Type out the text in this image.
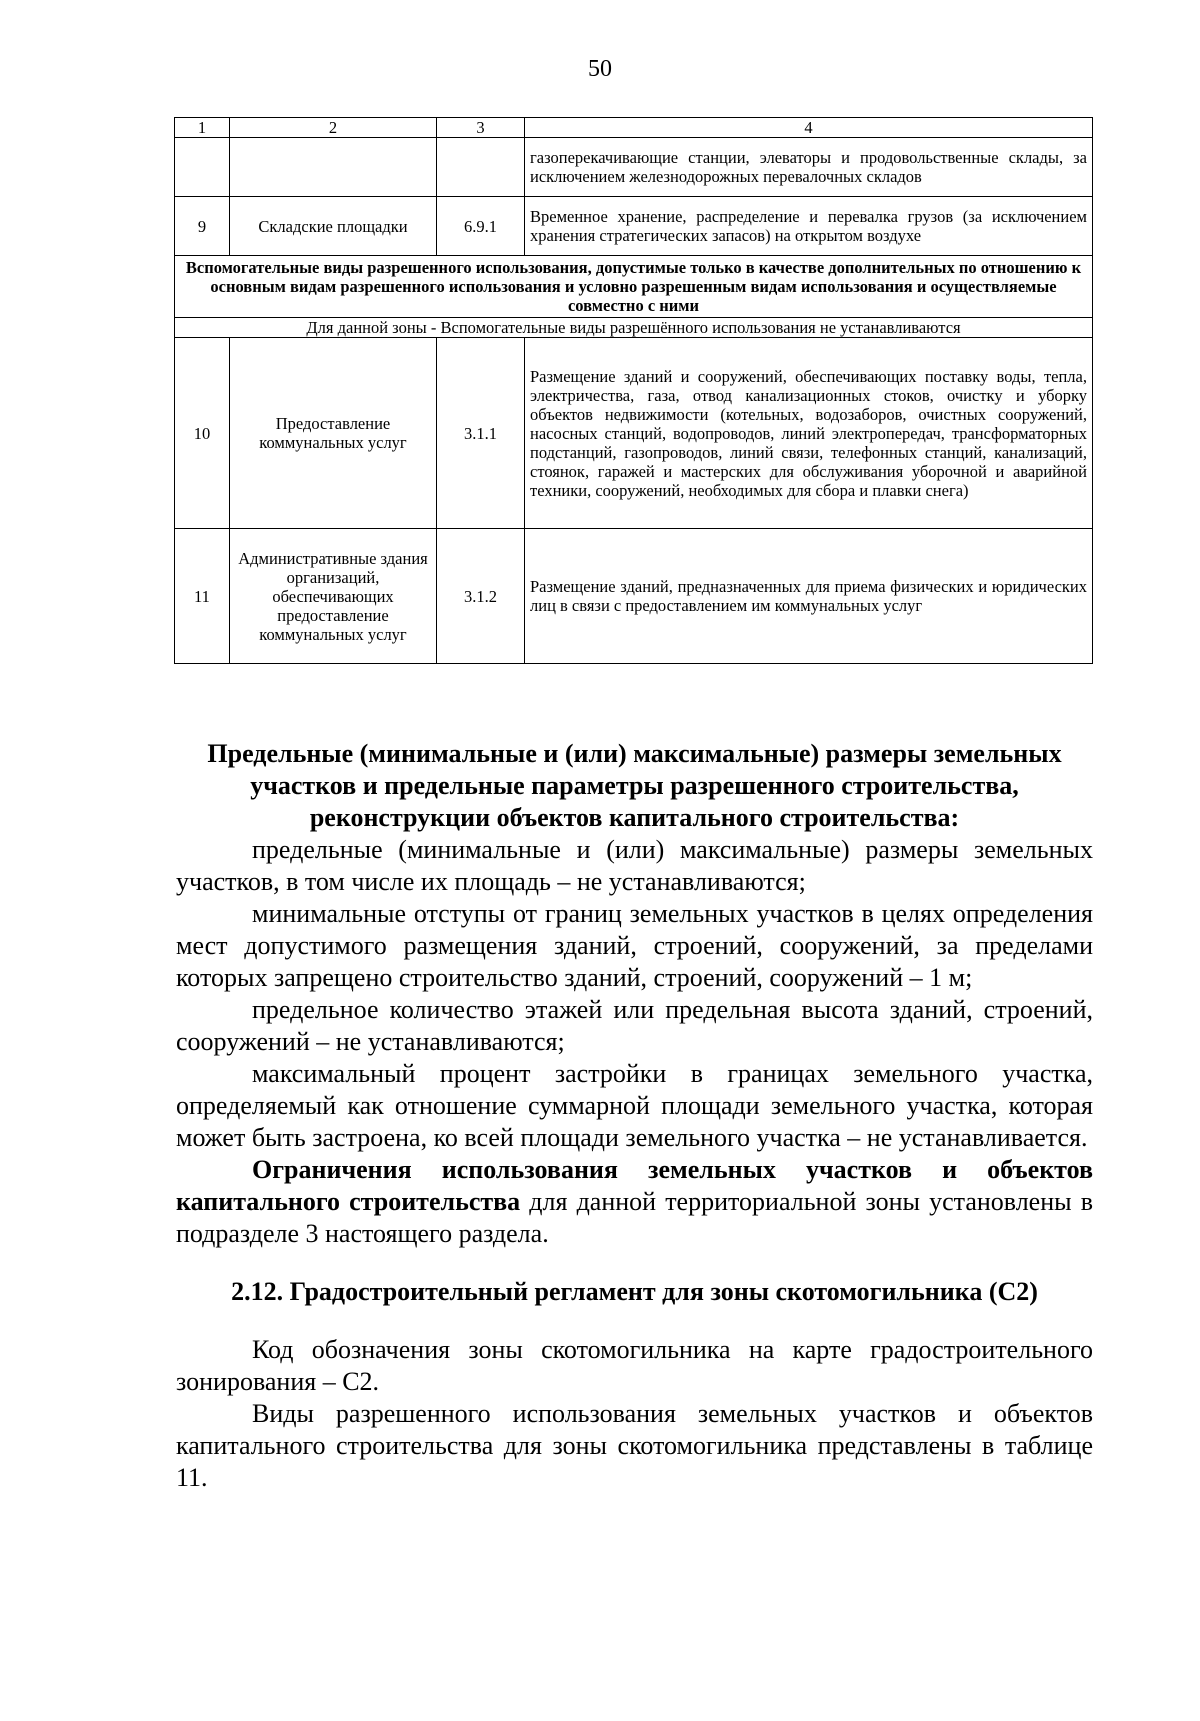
50
1	2	3	4
			газоперекачивающие станции, элеваторы и продовольственные склады, за исключением железнодорожных перевалочных складов
9	Складские площадки	6.9.1	Временное хранение, распределение и перевалка грузов (за исключением хранения стратегических запасов) на открытом воздухе
Вспомогательные виды разрешенного использования, допустимые только в качестве дополнительных по отношению к основным видам разрешенного использования и условно разрешенным видам использования и осуществляемые совместно с ними			
Для данной зоны - Вспомогательные виды разрешённого использования не устанавливаются			
10	Предоставление коммунальных услуг	3.1.1	Размещение зданий и сооружений, обеспечивающих поставку воды, тепла, электричества, газа, отвод канализационных стоков, очистку и уборку объектов недвижимости (котельных, водозаборов, очистных сооружений, насосных станций, водопроводов, линий электропередач, трансформаторных подстанций, газопроводов, линий связи, телефонных станций, канализаций, стоянок, гаражей и мастерских для обслуживания уборочной и аварийной техники, сооружений, необходимых для сбора и плавки снега)
11	Административные здания организаций, обеспечивающих предоставление коммунальных услуг	3.1.2	Размещение зданий, предназначенных для приема физических и юридических лиц в связи с предоставлением им коммунальных услуг

Предельные (минимальные и (или) максимальные) размеры земельных участков и предельные параметры разрешенного строительства, реконструкции объектов капитального строительства:

предельные (минимальные и (или) максимальные) размеры земельных участков, в том числе их площадь – не устанавливаются;

минимальные отступы от границ земельных участков в целях определения мест допустимого размещения зданий, строений, сооружений, за пределами которых запрещено строительство зданий, строений, сооружений – 1 м;

предельное количество этажей или предельная высота зданий, строений, сооружений – не устанавливаются;

максимальный процент застройки в границах земельного участка, определяемый как отношение суммарной площади земельного участка, которая может быть застроена, ко всей площади земельного участка – не устанавливается.

Ограничения использования земельных участков и объектов капитального строительства для данной территориальной зоны установлены в подразделе 3 настоящего раздела.

2.12. Градостроительный регламент для зоны скотомогильника (С2)

Код обозначения зоны скотомогильника на карте градостроительного зонирования – С2.

Виды разрешенного использования земельных участков и объектов капитального строительства для зоны скотомогильника представлены в таблице 11.
